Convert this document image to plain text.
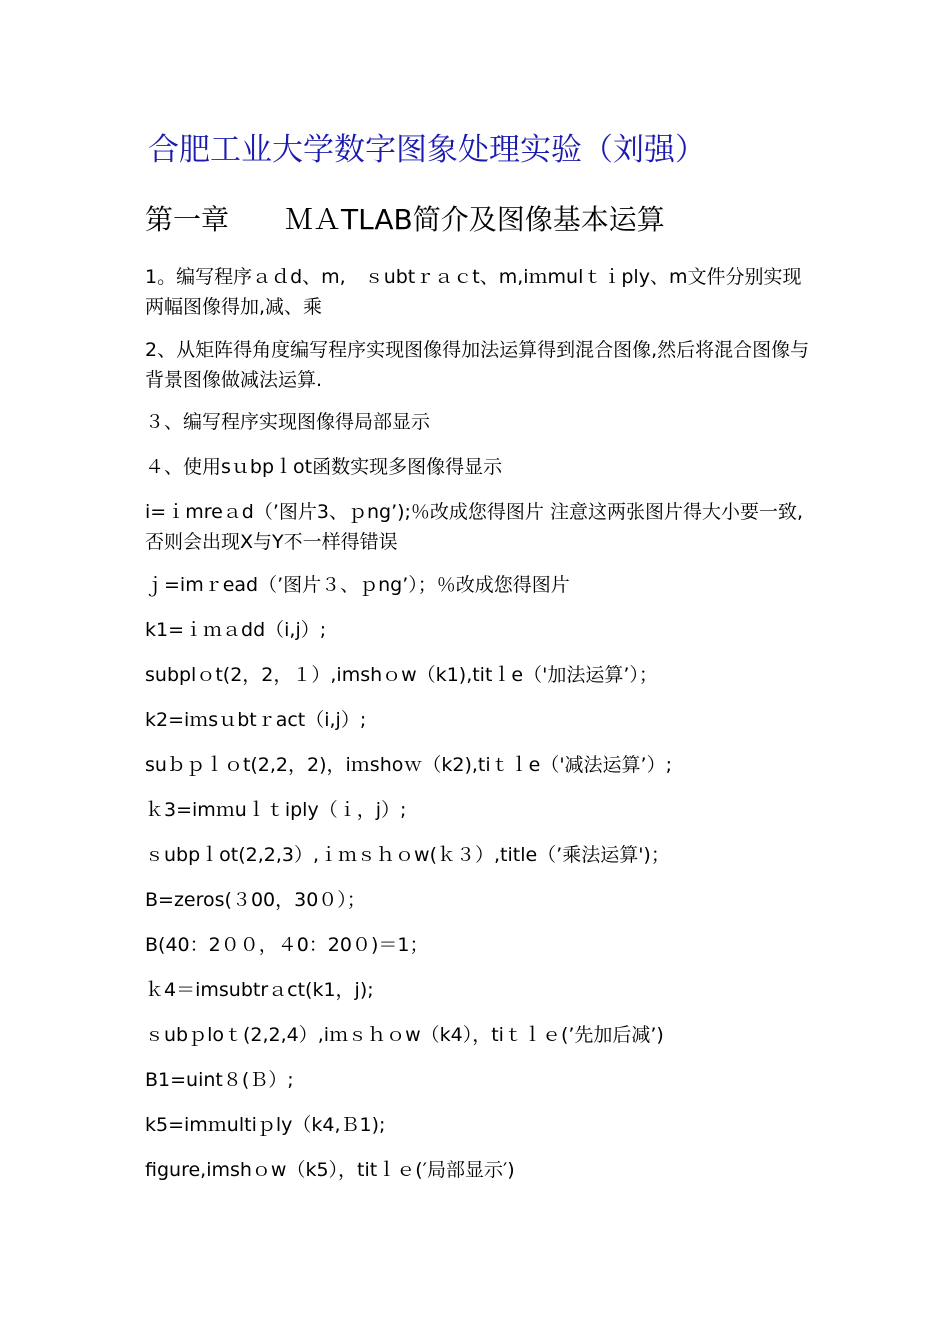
合肥工业大学数字图象处理实验（刘强）
第一章　　ＭＡTLAB简介及图像基本运算

1。编写程序ａｄd、m,　ｓubtｒａｃt、m,iｍmulｔｉply、m文件分别实现两幅图像得加,减、乘

2、从矩阵得角度编写程序实现图像得加法运算得到混合图像,然后将混合图像与背景图像做减法运算.

３、编写程序实现图像得局部显示

４、使用sｕbpｌot函数实现多图像得显示

i=ｉmreａd（’图片3、ｐng’);％改成您得图片 注意这两张图片得大小要一致,否则会出现X与Y不一样得错误

ｊ=imｒead（’图片３、ｐng’）；％改成您得图片

k1=ｉｍａdd（i,j）;

subplｏt(2，2，１）,imshｏw（k1),titｌe（'加法运算’）；

k2=iｍsｕbtｒact（i,j）;

suｂｐｌｏt(2,2，2)，iｍshoｗ（k2),tiｔｌe（'减法运算’）;

ｋ3=imｍuｌｔiply（ｉ，j）;

ｓubpｌot(2,2,3）,ｉｍｓｈｏw(ｋ３）,title（’乘法运算')；

B=zeros(３00，30０）；

B(40：2００，４0：20０)＝1；

ｋ4＝imsubtrａct(k1，j);

ｓubｐloｔ(2,2,4）,iｍｓｈｏw（k4），tiｔｌｅ(’先加后减’)

B1=uint８(Ｂ）;

k5=imｍultiｐly（k4,Ｂ1);

figure,imshｏw（k5），titｌｅ(′局部显示′)
